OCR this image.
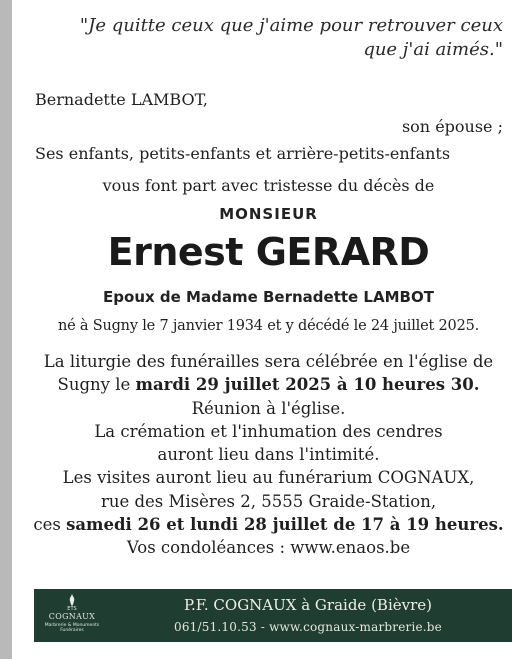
"Je quitte ceux que j'aime pour retrouver ceux que j'ai aimés."
Bernadette LAMBOT,
son épouse ;
Ses enfants, petits-enfants et arrière-petits-enfants
vous font part avec tristesse du décès de
MONSIEUR
Ernest GERARD
Epoux de Madame Bernadette LAMBOT
né à Sugny le 7 janvier 1934 et y décédé le 24 juillet 2025.
La liturgie des funérailles sera célébrée en l'église de
Sugny le mardi 29 juillet 2025 à 10 heures 30.
Réunion à l'église.
La crémation et l'inhumation des cendres
auront lieu dans l'intimité.
Les visites auront lieu au funérarium COGNAUX,
rue des Misères 2, 5555 Graide-Station,
ces samedi 26 et lundi 28 juillet de 17 à 19 heures.
Vos condoléances : www.enaos.be
ETS
COGNAUX
Marbrerie & Monuments Funéraires
P.F. COGNAUX à Graide (Bièvre)
061/51.10.53 - www.cognaux-marbrerie.be
